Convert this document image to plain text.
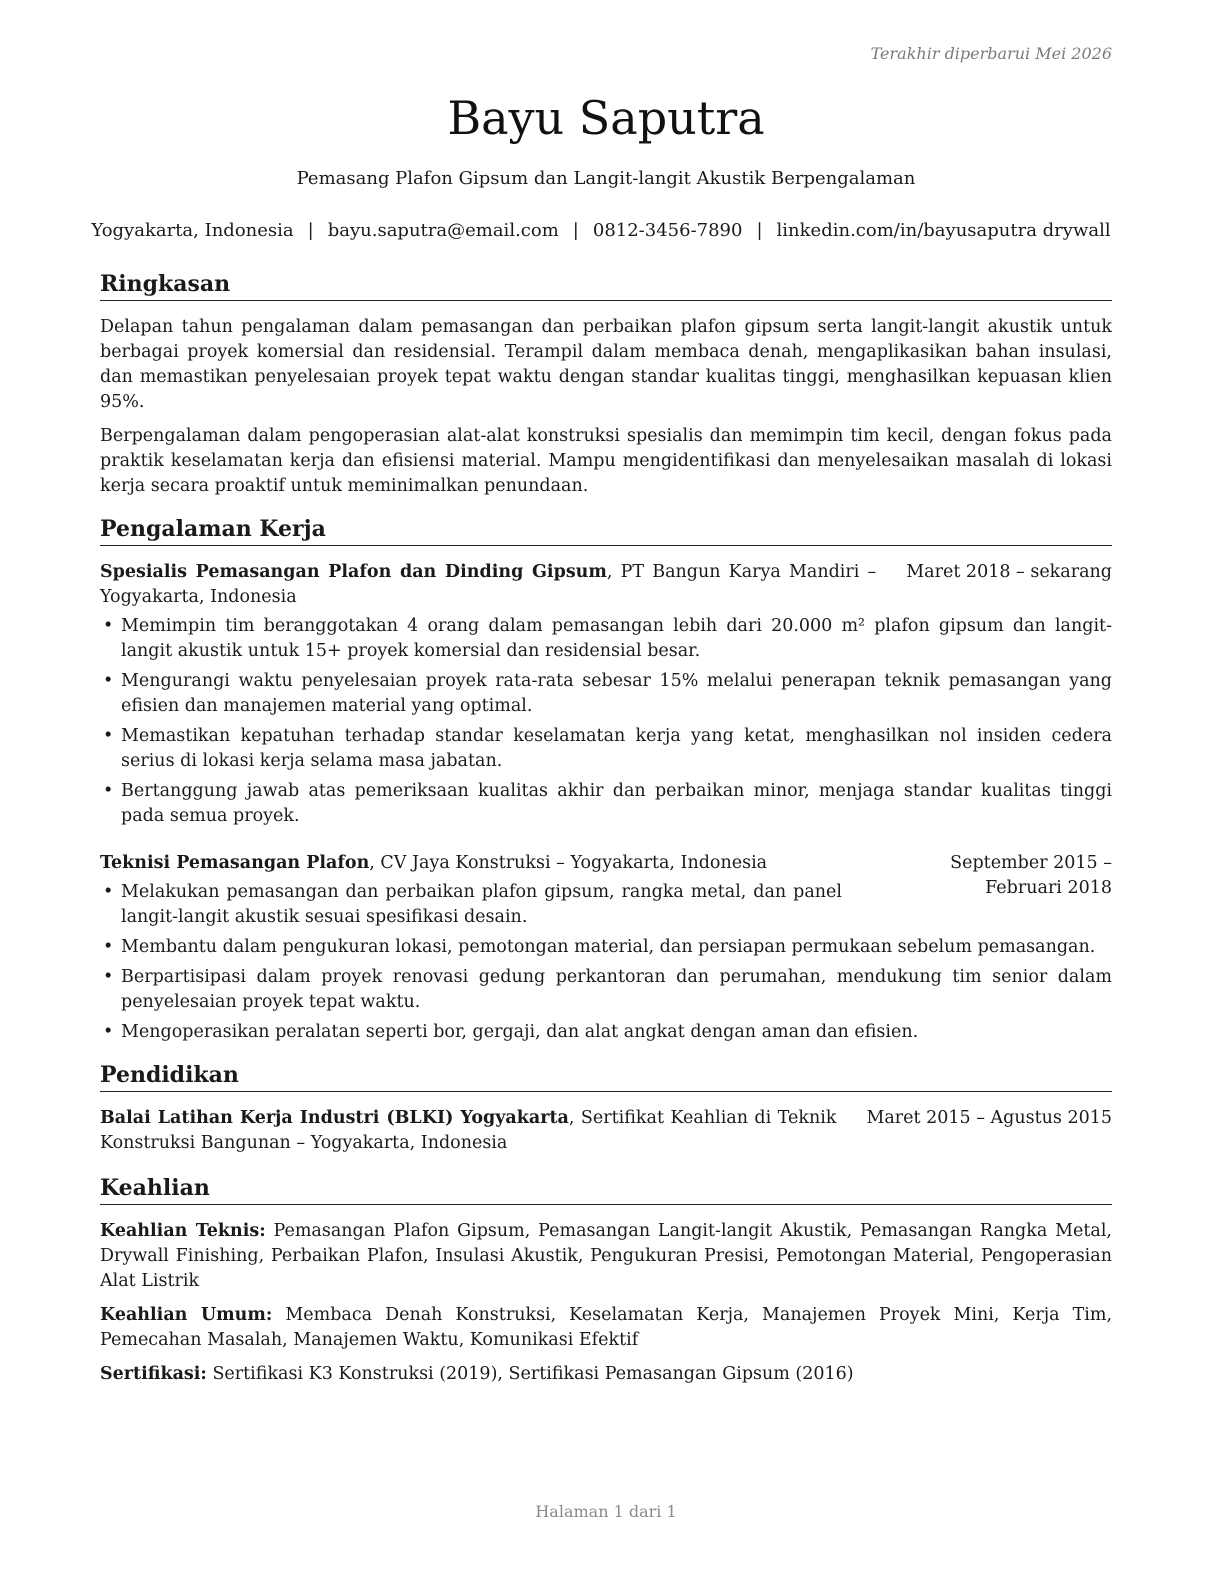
Terakhir diperbarui Mei 2026
Bayu Saputra
Pemasang Plafon Gipsum dan Langit-langit Akustik Berpengalaman
Yogyakarta, Indonesia | bayu.saputra@email.com | 0812-3456-7890 | linkedin.com/in/bayusaputra drywall
Ringkasan

Delapan tahun pengalaman dalam pemasangan dan perbaikan plafon gipsum serta langit-langit akustik untuk berbagai proyek komersial dan residensial. Terampil dalam membaca denah, mengaplikasikan bahan insulasi, dan memastikan penyelesaian proyek tepat waktu dengan standar kualitas tinggi, menghasilkan kepuasan klien 95%.

Berpengalaman dalam pengoperasian alat-alat konstruksi spesialis dan memimpin tim kecil, dengan fokus pada praktik keselamatan kerja dan efisiensi material. Mampu mengidentifikasi dan menyelesaikan masalah di lokasi kerja secara proaktif untuk meminimalkan penundaan.

Pengalaman Kerja
Maret 2018 – sekarang
Spesialis Pemasangan Plafon dan Dinding Gipsum, PT Bangun Karya Mandiri – Yogyakarta, Indonesia
• Memimpin tim beranggotakan 4 orang dalam pemasangan lebih dari 20.000 m² plafon gipsum dan langit-langit akustik untuk 15+ proyek komersial dan residensial besar.
• Mengurangi waktu penyelesaian proyek rata-rata sebesar 15% melalui penerapan teknik pemasangan yang efisien dan manajemen material yang optimal.
• Memastikan kepatuhan terhadap standar keselamatan kerja yang ketat, menghasilkan nol insiden cedera serius di lokasi kerja selama masa jabatan.
• Bertanggung jawab atas pemeriksaan kualitas akhir dan perbaikan minor, menjaga standar kualitas tinggi pada semua proyek.
September 2015 – Februari 2018
Teknisi Pemasangan Plafon, CV Jaya Konstruksi – Yogyakarta, Indonesia
• Melakukan pemasangan dan perbaikan plafon gipsum, rangka metal, dan panel langit-langit akustik sesuai spesifikasi desain.
• Membantu dalam pengukuran lokasi, pemotongan material, dan persiapan permukaan sebelum pemasangan.
• Berpartisipasi dalam proyek renovasi gedung perkantoran dan perumahan, mendukung tim senior dalam penyelesaian proyek tepat waktu.
• Mengoperasikan peralatan seperti bor, gergaji, dan alat angkat dengan aman dan efisien.
Pendidikan
Maret 2015 – Agustus 2015
Balai Latihan Kerja Industri (BLKI) Yogyakarta, Sertifikat Keahlian di Teknik Konstruksi Bangunan – Yogyakarta, Indonesia
Keahlian

Keahlian Teknis: Pemasangan Plafon Gipsum, Pemasangan Langit-langit Akustik, Pemasangan Rangka Metal, Drywall Finishing, Perbaikan Plafon, Insulasi Akustik, Pengukuran Presisi, Pemotongan Material, Pengoperasian Alat Listrik

Keahlian Umum: Membaca Denah Konstruksi, Keselamatan Kerja, Manajemen Proyek Mini, Kerja Tim, Pemecahan Masalah, Manajemen Waktu, Komunikasi Efektif

Sertifikasi: Sertifikasi K3 Konstruksi (2019), Sertifikasi Pemasangan Gipsum (2016)

Halaman 1 dari 1
